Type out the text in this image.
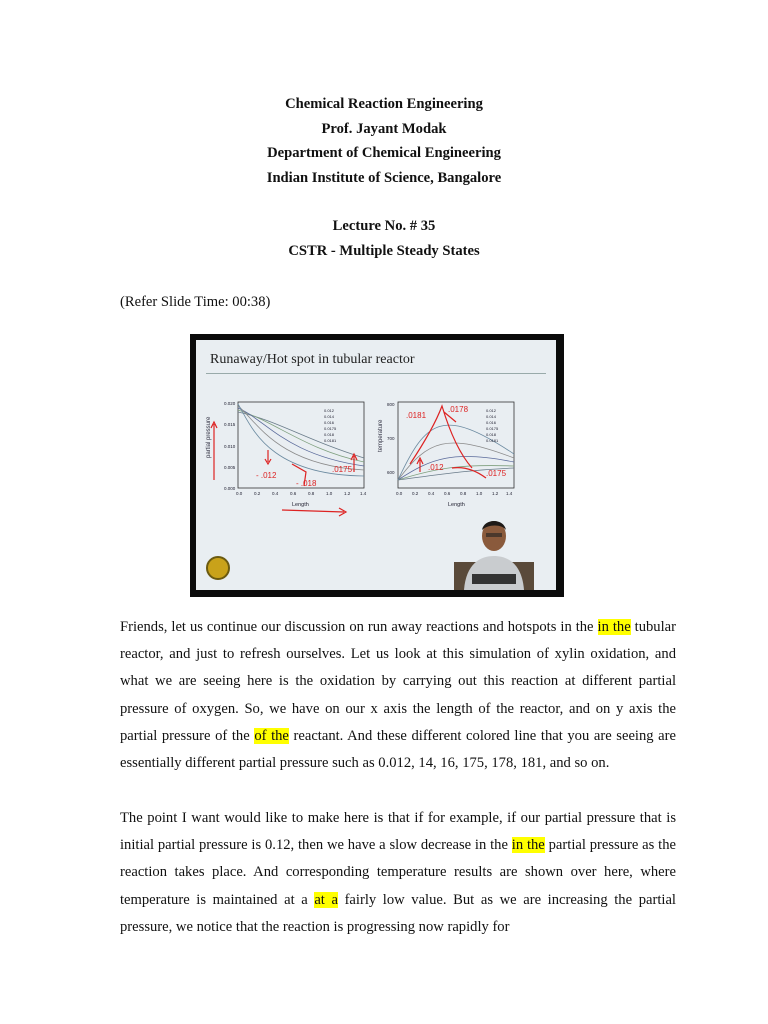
Chemical Reaction Engineering
Prof. Jayant Modak
Department of Chemical Engineering
Indian Institute of Science, Bangalore
Lecture No. # 35
CSTR - Multiple Steady States
(Refer Slide Time: 00:38)
Runaway/Hot spot in tubular reactor
partial pressure
0.020
0.015
0.010
0.005
0.000
0.0	0.2	0.4	0.6	0.8	1.0	1.2 1.4
Length
0.012
0.014
0.016
0.0175
0.018
0.0181
- .012
- .018
.0175
temperature
800
700
600
0.0 0.2 0.4 0.6 0.8 1.0 1.2 1.4
Length
0.012
0.014
0.016
0.0175
0.018
0.0181
.0181
.0178
.012
.0175
Friends, let us continue our discussion on run away reactions and hotspots in the in the tubular reactor, and just to refresh ourselves. Let us look at this simulation of xylin oxidation, and what we are seeing here is the oxidation by carrying out this reaction at different partial pressure of oxygen. So, we have on our x axis the length of the reactor, and on y axis the partial pressure of the of the reactant. And these different colored line that you are seeing are essentially different partial pressure such as 0.012, 14, 16, 175, 178, 181, and so on.
The point I want would like to make here is that if for example, if our partial pressure that is initial partial pressure is 0.12, then we have a slow decrease in the in the partial pressure as the reaction takes place. And corresponding temperature results are shown over here, where temperature is maintained at a at a fairly low value. But as we are increasing the partial pressure, we notice that the reaction is progressing now rapidly for
